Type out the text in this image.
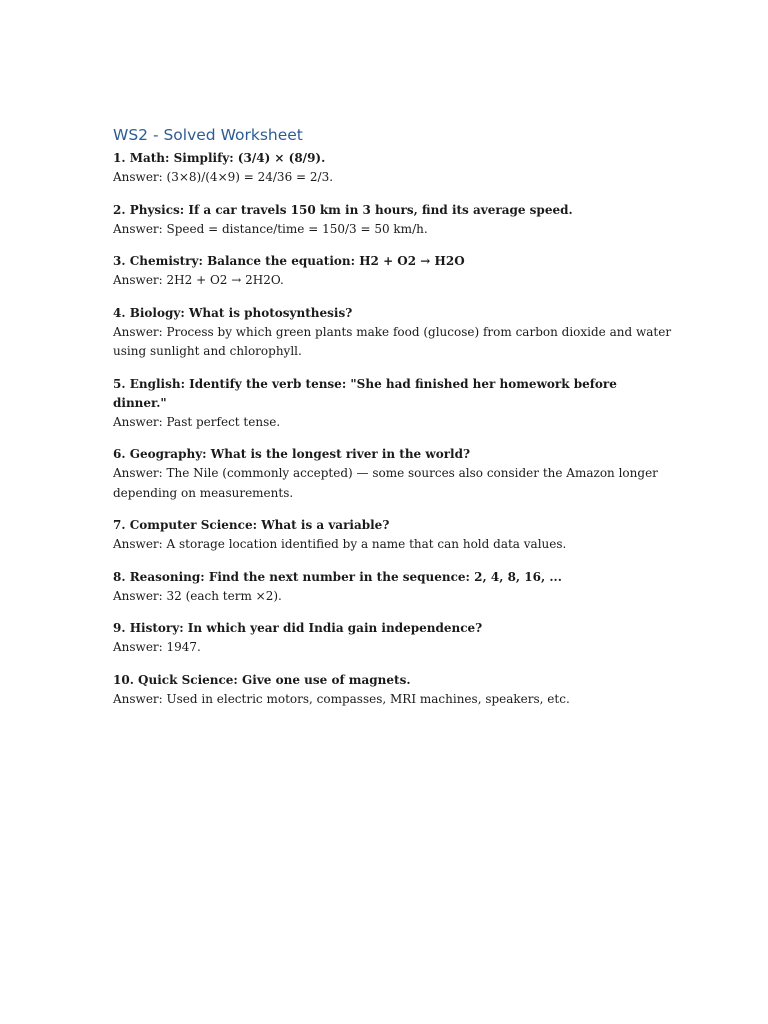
WS2 - Solved Worksheet

1. Math: Simplify: (3/4) × (8/9).

Answer: (3×8)/(4×9) = 24/36 = 2/3.

2. Physics: If a car travels 150 km in 3 hours, find its average speed.

Answer: Speed = distance/time = 150/3 = 50 km/h.

3. Chemistry: Balance the equation: H2 + O2 → H2O

Answer: 2H2 + O2 → 2H2O.

4. Biology: What is photosynthesis?

Answer: Process by which green plants make food (glucose) from carbon dioxide and water using sunlight and chlorophyll.

5. English: Identify the verb tense: "She had finished her homework before dinner."

Answer: Past perfect tense.

6. Geography: What is the longest river in the world?

Answer: The Nile (commonly accepted) — some sources also consider the Amazon longer depending on measurements.

7. Computer Science: What is a variable?

Answer: A storage location identified by a name that can hold data values.

8. Reasoning: Find the next number in the sequence: 2, 4, 8, 16, ...

Answer: 32 (each term ×2).

9. History: In which year did India gain independence?

Answer: 1947.

10. Quick Science: Give one use of magnets.

Answer: Used in electric motors, compasses, MRI machines, speakers, etc.
